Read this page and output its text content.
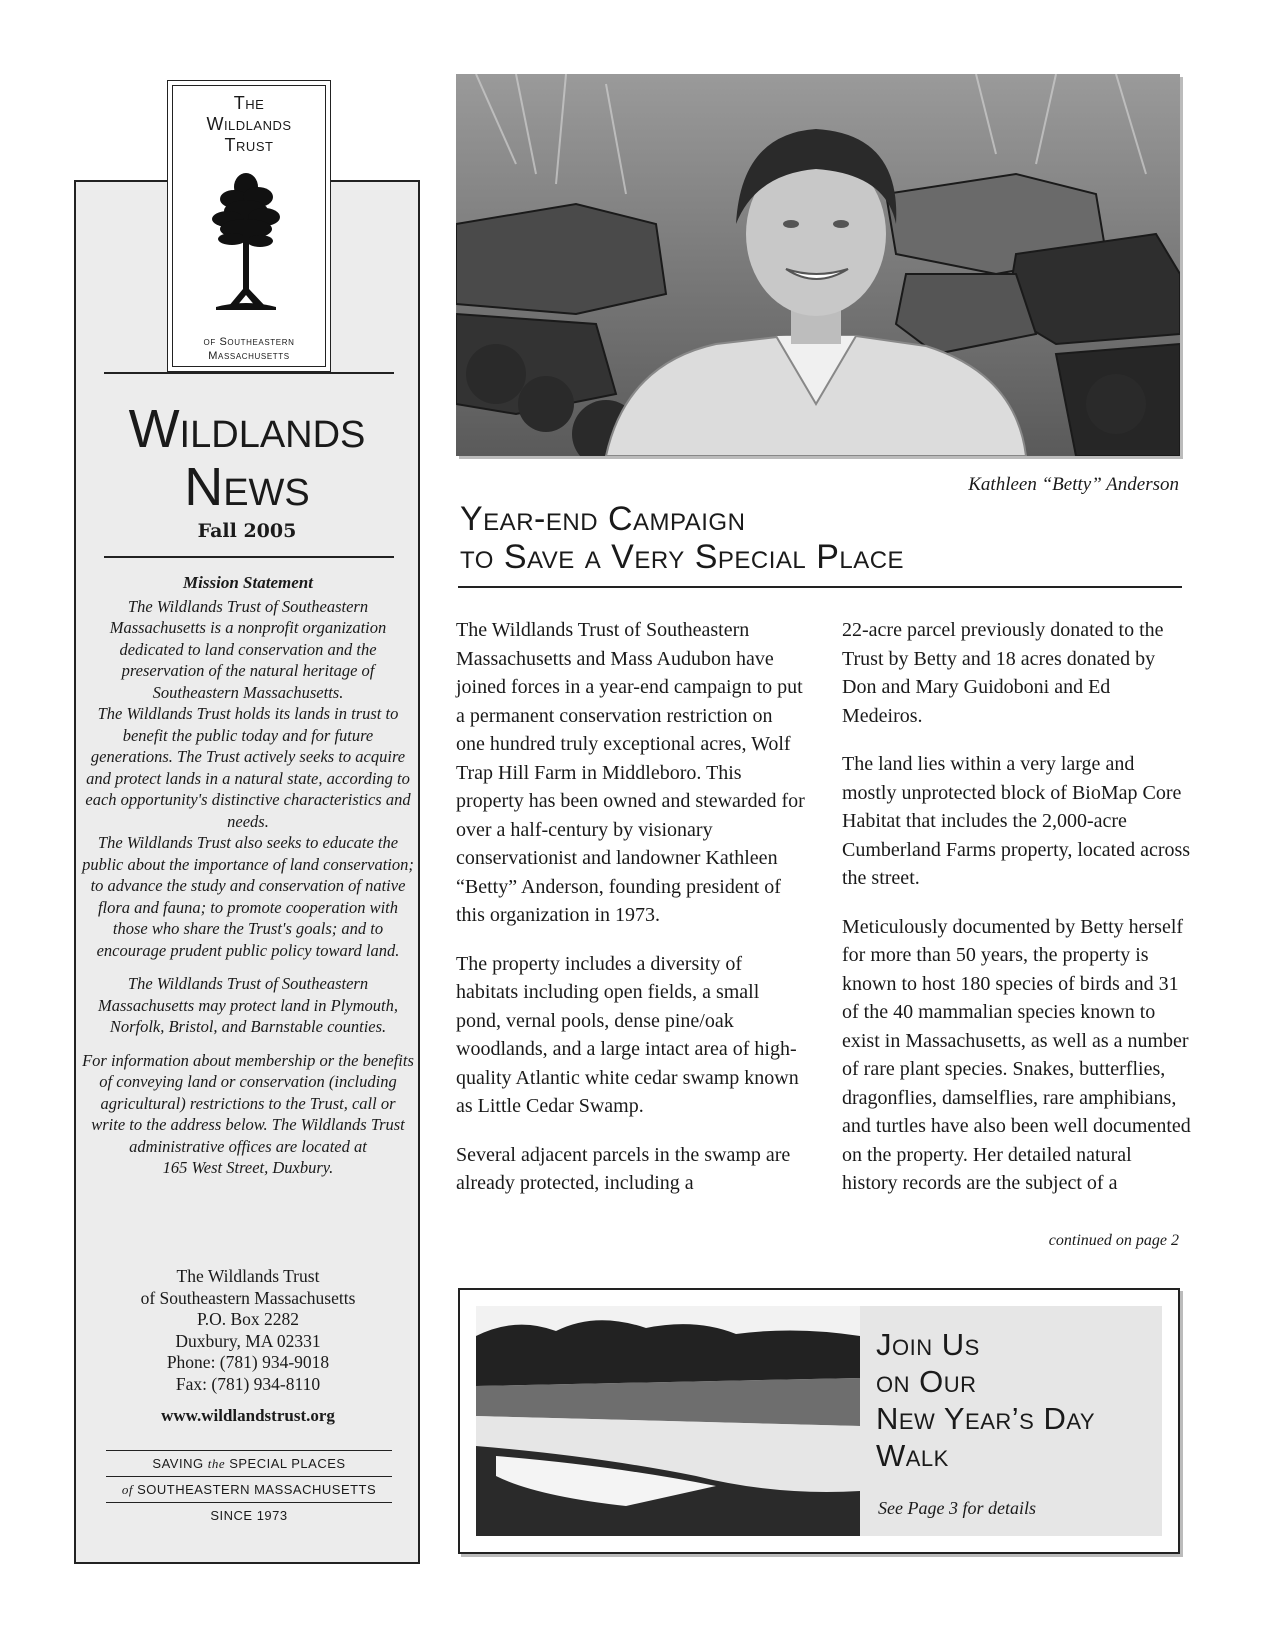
The
Wildlands
Trust
of Southeastern
Massachusetts
Wildlands
News
Fall 2005

Mission Statement

The Wildlands Trust of Southeastern Massachusetts is a nonprofit organization dedicated to land conservation and the preservation of the natural heritage of Southeastern Massachusetts.

The Wildlands Trust holds its lands in trust to benefit the public today and for future generations. The Trust actively seeks to acquire and protect lands in a natural state, according to each opportunity's distinctive characteristics and needs.

The Wildlands Trust also seeks to educate the public about the importance of land conservation; to advance the study and conservation of native flora and fauna; to promote cooperation with those who share the Trust's goals; and to encourage prudent public policy toward land.

The Wildlands Trust of Southeastern Massachusetts may protect land in Plymouth, Norfolk, Bristol, and Barnstable counties.

For information about membership or the benefits of conveying land or conservation (including agricultural) restrictions to the Trust, call or write to the address below. The Wildlands Trust administrative offices are located at

165 West Street, Duxbury.

The Wildlands Trust

of Southeastern Massachusetts

P.O. Box 2282

Duxbury, MA 02331

Phone: (781) 934-9018

Fax: (781) 934-8110

www.wildlandstrust.org

SAVING the SPECIAL PLACES
of SOUTHEASTERN MASSACHUSETTS
SINCE 1973
Kathleen “Betty” Anderson
Year-end Campaign
to Save a Very Special Place

The Wildlands Trust of Southeastern Massachusetts and Mass Audubon have joined forces in a year-end campaign to put a permanent conservation restriction on one hundred truly exceptional acres, Wolf Trap Hill Farm in Middleboro. This property has been owned and stewarded for over a half-century by visionary conservationist and landowner Kathleen “Betty” Anderson, founding president of this organization in 1973.

The property includes a diversity of habitats including open fields, a small pond, vernal pools, dense pine/oak woodlands, and a large intact area of high-quality Atlantic white cedar swamp known as Little Cedar Swamp.

Several adjacent parcels in the swamp are already protected, including a

22-acre parcel previously donated to the Trust by Betty and 18 acres donated by Don and Mary Guidoboni and Ed Medeiros.

The land lies within a very large and mostly unprotected block of BioMap Core Habitat that includes the 2,000-acre Cumberland Farms property, located across the street.

Meticulously documented by Betty herself for more than 50 years, the property is known to host 180 species of birds and 31 of the 40 mammalian species known to exist in Massachusetts, as well as a number of rare plant species. Snakes, butterflies, dragonflies, damselflies, rare amphibians, and turtles have also been well documented on the property. Her detailed natural history records are the subject of a

continued on page 2
Join Us
on Our
New Year’s Day
Walk
See Page 3 for details
